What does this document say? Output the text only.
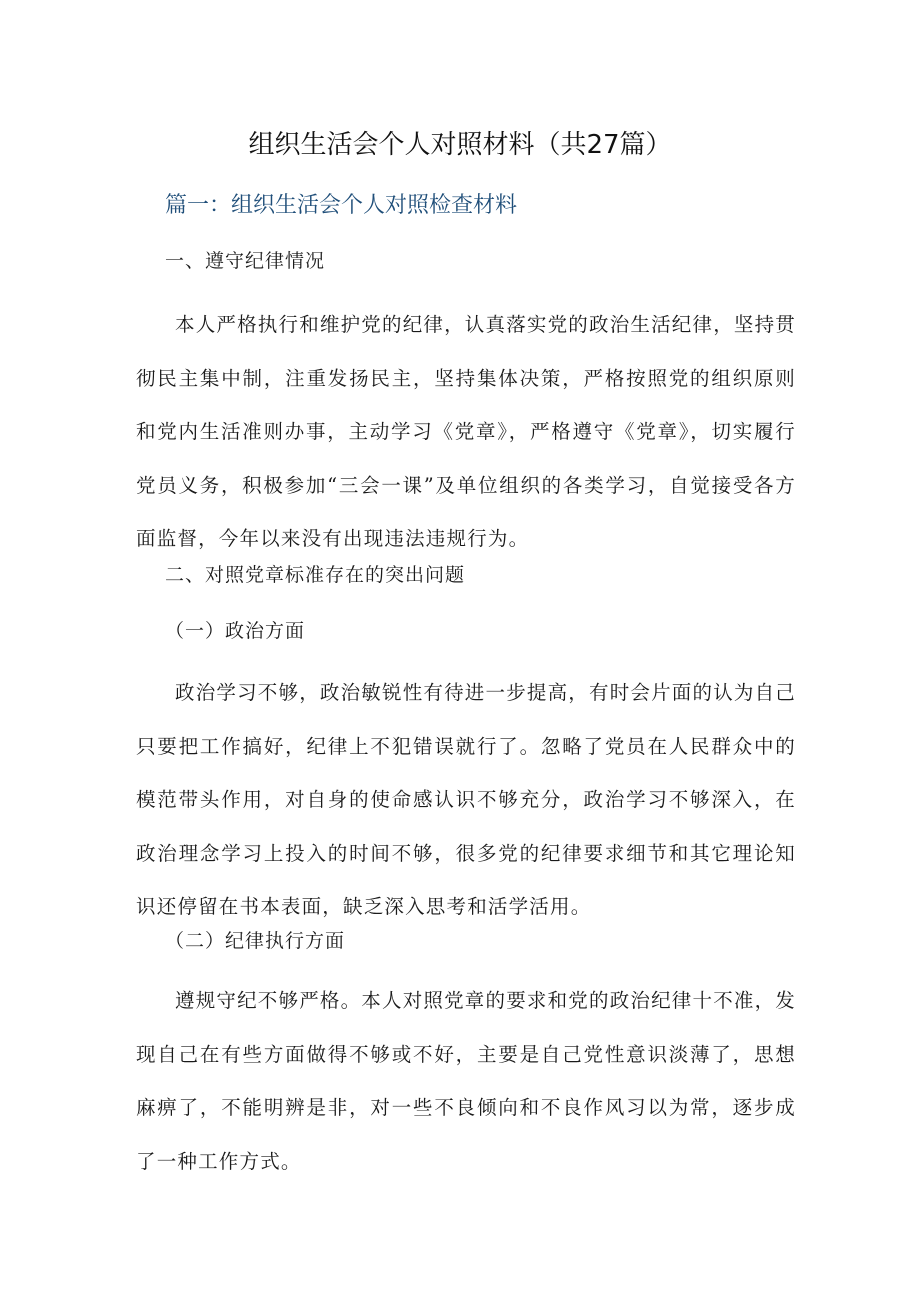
组织生活会个人对照材料（共27篇）
篇一：组织生活会个人对照检查材料
一、遵守纪律情况

本人严格执行和维护党的纪律，认真落实党的政治生活纪律，坚持贯彻民主集中制，注重发扬民主，坚持集体决策，严格按照党的组织原则和党内生活准则办事，主动学习《党章》，严格遵守《党章》，切实履行党员义务，积极参加“三会一课”及单位组织的各类学习，自觉接受各方面监督，今年以来没有出现违法违规行为。

二、对照党章标准存在的突出问题
（一）政治方面

政治学习不够，政治敏锐性有待进一步提高，有时会片面的认为自己只要把工作搞好，纪律上不犯错误就行了。忽略了党员在人民群众中的模范带头作用，对自身的使命感认识不够充分，政治学习不够深入，在政治理念学习上投入的时间不够，很多党的纪律要求细节和其它理论知识还停留在书本表面，缺乏深入思考和活学活用。

（二）纪律执行方面

遵规守纪不够严格。本人对照党章的要求和党的政治纪律十不准，发现自己在有些方面做得不够或不好，主要是自己党性意识淡薄了，思想麻痹了，不能明辨是非，对一些不良倾向和不良作风习以为常，逐步成了一种工作方式。
